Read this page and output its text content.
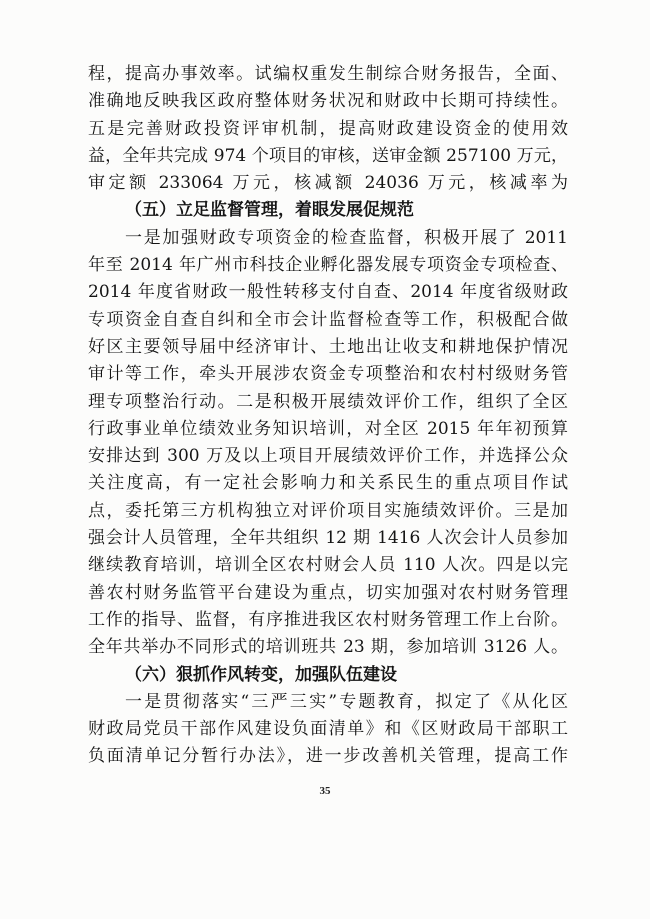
程，提高办事效率。试编权重发生制综合财务报告，全面、
准确地反映我区政府整体财务状况和财政中长期可持续性。
五是完善财政投资评审机制，提高财政建设资金的使用效
益，全年共完成 974 个项目的审核，送审金额 257100 万元，
审定额 233064 万元，核减额 24036 万元，核减率为
（五）立足监督管理，着眼发展促规范
一是加强财政专项资金的检查监督，积极开展了 2011
年至 2014 年广州市科技企业孵化器发展专项资金专项检查、
2014 年度省财政一般性转移支付自查、2014 年度省级财政
专项资金自查自纠和全市会计监督检查等工作，积极配合做
好区主要领导届中经济审计、土地出让收支和耕地保护情况
审计等工作，牵头开展涉农资金专项整治和农村村级财务管
理专项整治行动。二是积极开展绩效评价工作，组织了全区
行政事业单位绩效业务知识培训，对全区 2015 年年初预算
安排达到 300 万及以上项目开展绩效评价工作，并选择公众
关注度高，有一定社会影响力和关系民生的重点项目作试
点，委托第三方机构独立对评价项目实施绩效评价。三是加
强会计人员管理，全年共组织 12 期 1416 人次会计人员参加
继续教育培训，培训全区农村财会人员 110 人次。四是以完
善农村财务监管平台建设为重点，切实加强对农村财务管理
工作的指导、监督，有序推进我区农村财务管理工作上台阶。
全年共举办不同形式的培训班共 23 期，参加培训 3126 人。
（六）狠抓作风转变，加强队伍建设
一是贯彻落实“三严三实”专题教育，拟定了《从化区
财政局党员干部作风建设负面清单》和《区财政局干部职工
负面清单记分暂行办法》，进一步改善机关管理，提高工作
35
